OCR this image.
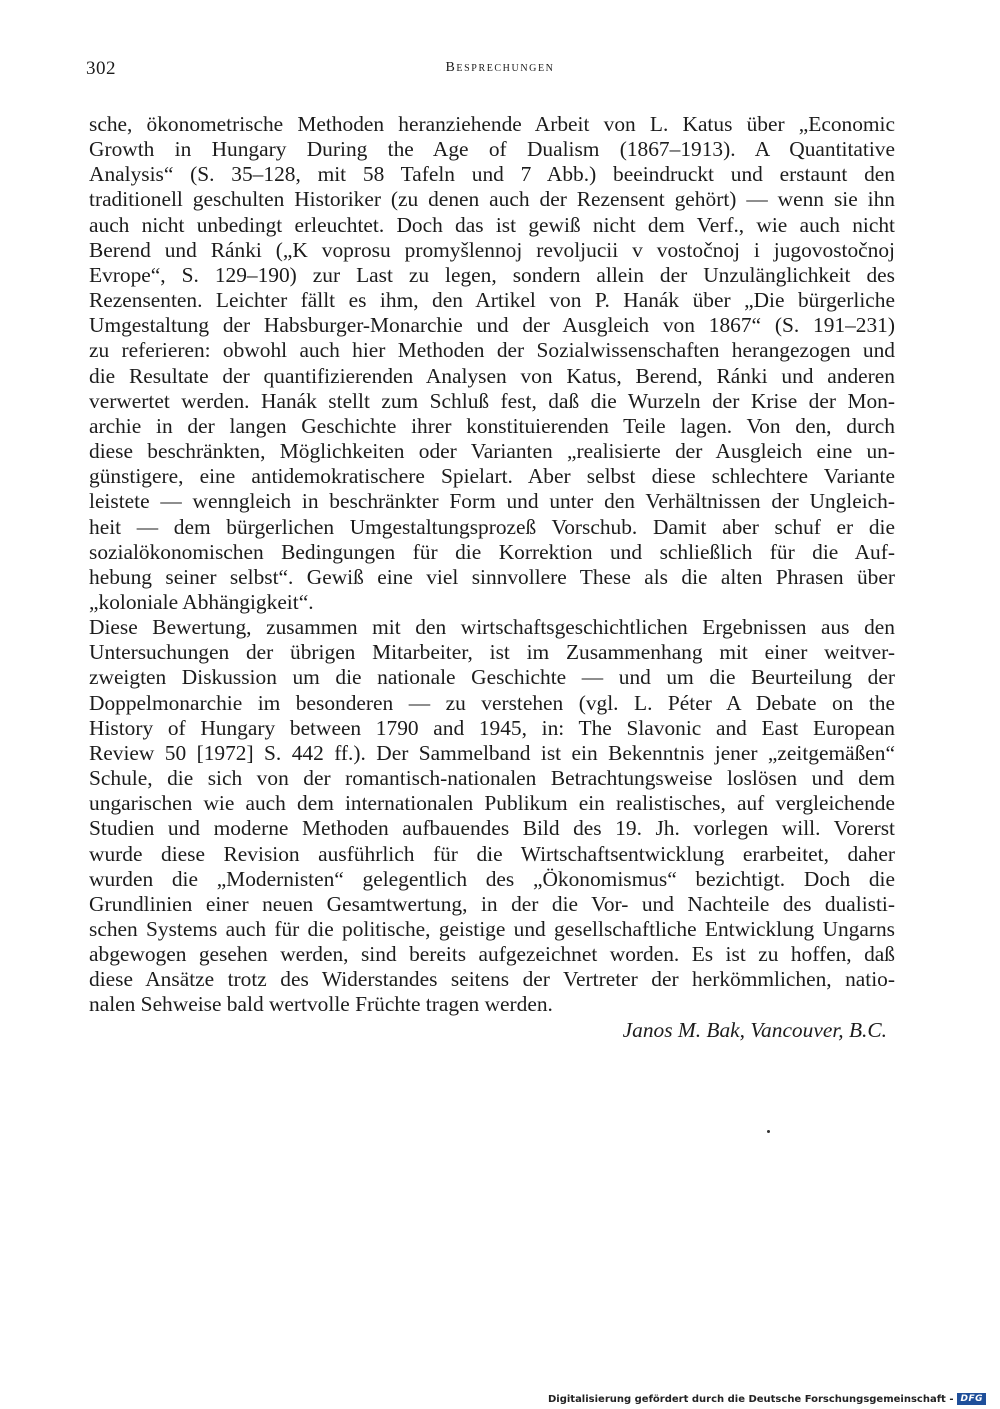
302	Besprechungen
sche, ökonometrische Methoden heranziehende Arbeit von L. Katus über „Economic
Growth in Hungary During the Age of Dualism (1867–1913). A Quantitative
Analysis“ (S. 35–128, mit 58 Tafeln und 7 Abb.) beeindruckt und erstaunt den
traditionell geschulten Historiker (zu denen auch der Rezensent gehört) — wenn sie ihn
auch nicht unbedingt erleuchtet. Doch das ist gewiß nicht dem Verf., wie auch nicht
Berend und Ránki („K voprosu promyšlennoj revoljucii v vostočnoj i jugovostočnoj
Evrope“, S. 129–190) zur Last zu legen, sondern allein der Unzulänglichkeit des
Rezensenten. Leichter fällt es ihm, den Artikel von P. Hanák über „Die bürgerliche
Umgestaltung der Habsburger-Monarchie und der Ausgleich von 1867“ (S. 191–231)
zu referieren: obwohl auch hier Methoden der Sozialwissenschaften herangezogen und
die Resultate der quantifizierenden Analysen von Katus, Berend, Ránki und anderen
verwertet werden. Hanák stellt zum Schluß fest, daß die Wurzeln der Krise der Mon-
archie in der langen Geschichte ihrer konstituierenden Teile lagen. Von den, durch
diese beschränkten, Möglichkeiten oder Varianten „realisierte der Ausgleich eine un-
günstigere, eine antidemokratischere Spielart. Aber selbst diese schlechtere Variante
leistete — wenngleich in beschränkter Form und unter den Verhältnissen der Ungleich-
heit — dem bürgerlichen Umgestaltungsprozeß Vorschub. Damit aber schuf er die
sozialökonomischen Bedingungen für die Korrektion und schließlich für die Auf-
hebung seiner selbst“. Gewiß eine viel sinnvollere These als die alten Phrasen über
„koloniale Abhängigkeit“.
Diese Bewertung, zusammen mit den wirtschaftsgeschichtlichen Ergebnissen aus den
Untersuchungen der übrigen Mitarbeiter, ist im Zusammenhang mit einer weitver-
zweigten Diskussion um die nationale Geschichte — und um die Beurteilung der
Doppelmonarchie im besonderen — zu verstehen (vgl. L. Péter A Debate on the
History of Hungary between 1790 and 1945, in: The Slavonic and East European
Review 50 [1972] S. 442 ff.). Der Sammelband ist ein Bekenntnis jener „zeitgemäßen“
Schule, die sich von der romantisch-nationalen Betrachtungsweise loslösen und dem
ungarischen wie auch dem internationalen Publikum ein realistisches, auf vergleichende
Studien und moderne Methoden aufbauendes Bild des 19. Jh. vorlegen will. Vorerst
wurde diese Revision ausführlich für die Wirtschaftsentwicklung erarbeitet, daher
wurden die „Modernisten“ gelegentlich des „Ökonomismus“ bezichtigt. Doch die
Grundlinien einer neuen Gesamtwertung, in der die Vor- und Nachteile des dualisti-
schen Systems auch für die politische, geistige und gesellschaftliche Entwicklung Ungarns
abgewogen gesehen werden, sind bereits aufgezeichnet worden. Es ist zu hoffen, daß
diese Ansätze trotz des Widerstandes seitens der Vertreter der herkömmlichen, natio-
nalen Sehweise bald wertvolle Früchte tragen werden.
Janos M. Bak, Vancouver, B.C.
Digitalisierung gefördert durch die Deutsche Forschungsgemeinschaft - DFG
